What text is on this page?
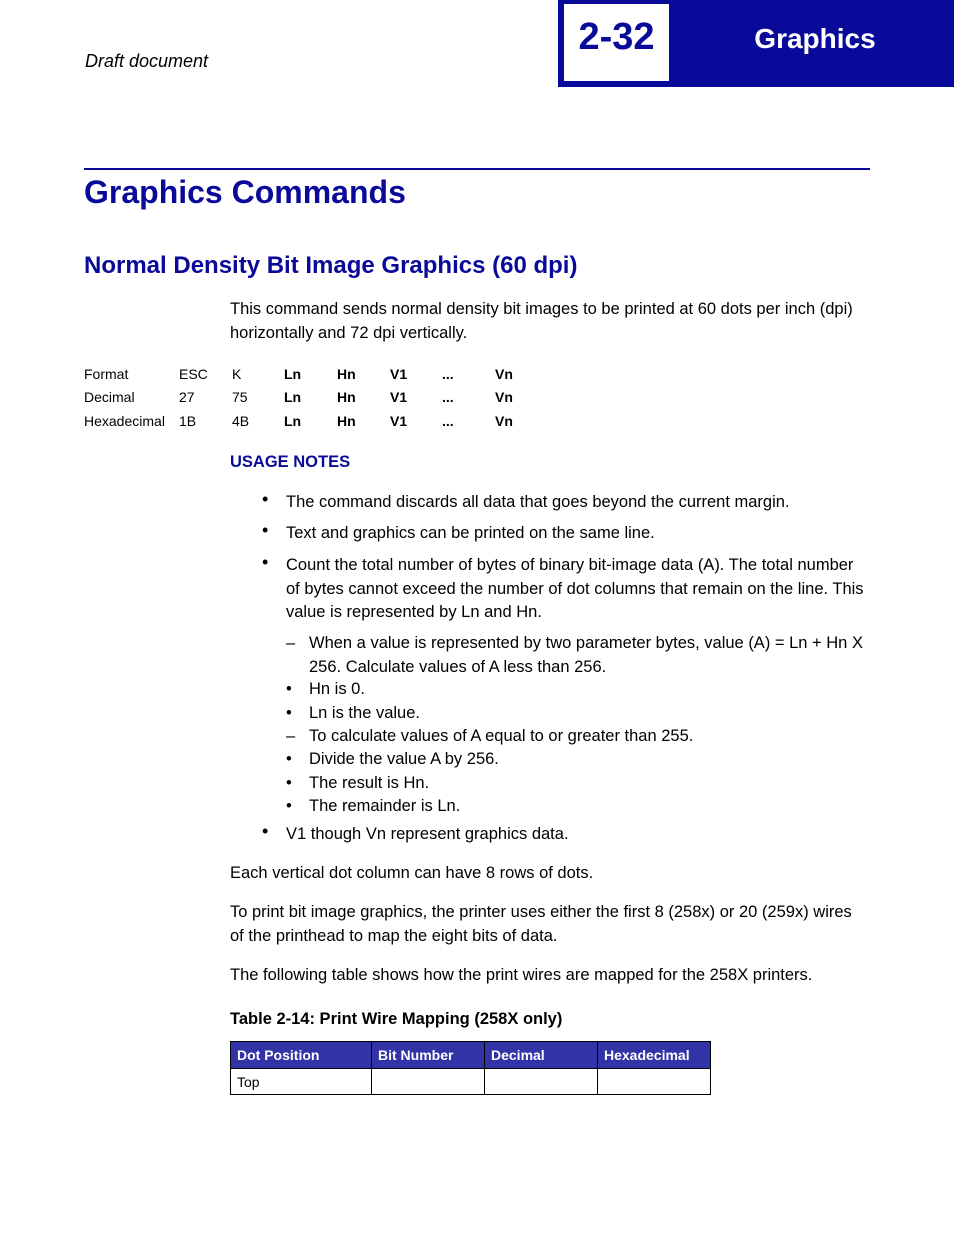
2-32	Graphics
Draft document
Graphics Commands
Normal Density Bit Image Graphics (60 dpi)
This command sends normal density bit images to be printed at 60 dots per inch (dpi) horizontally and 72 dpi vertically.
Format	ESC	K	Ln	Hn	V1	...	Vn
Decimal	27	75	Ln	Hn	V1	...	Vn
Hexadecimal	1B	4B	Ln	Hn	V1	...	Vn
USAGE NOTES
• The command discards all data that goes beyond the current margin.
• Text and graphics can be printed on the same line.
• Count the total number of bytes of binary bit-image data (A). The total number of bytes cannot exceed the number of dot columns that remain on the line. This value is represented by Ln and Hn.
– When a value is represented by two parameter bytes, value (A) = Ln + Hn X 256. Calculate values of A less than 256.
• Hn is 0.
• Ln is the value.
– To calculate values of A equal to or greater than 255.
• Divide the value A by 256.
• The result is Hn.
• The remainder is Ln.
• V1 though Vn represent graphics data.
Each vertical dot column can have 8 rows of dots.
To print bit image graphics, the printer uses either the first 8 (258x) or 20 (259x) wires of the printhead to map the eight bits of data.
The following table shows how the print wires are mapped for the 258X printers.
Table 2-14: Print Wire Mapping (258X only)
Dot Position	Bit Number	Decimal	Hexadecimal
Top			
